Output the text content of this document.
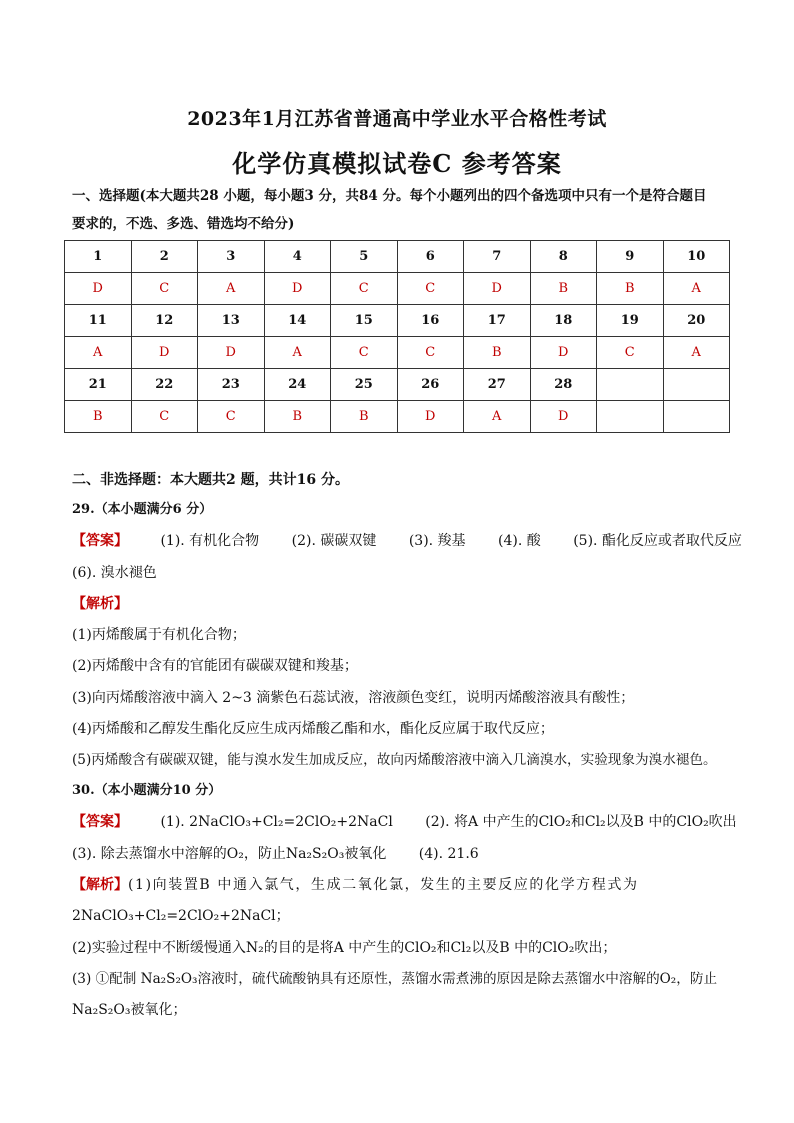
2023年1月江苏省普通高中学业水平合格性考试
化学仿真模拟试卷C 参考答案
一、选择题(本大题共28 小题，每小题3 分，共84 分。每个小题列出的四个备选项中只有一个是符合题目
要求的，不选、多选、错选均不给分)
1	2	3	4	5	6	7	8	9	10
D	C	A	D	C	C	D	B	B	A
11	12	13	14	15	16	17	18	19	20
A	D	D	A	C	C	B	D	C	A
21	22	23	24	25	26	27	28		
B	C	C	B	B	D	A	D		
二、非选择题：本大题共2 题，共计16 分。
29.（本小题满分6 分）
【答案】 (1). 有机化合物 (2). 碳碳双键 (3). 羧基 (4). 酸 (5). 酯化反应或者取代反应
(6). 溴水褪色
【解析】
(1)丙烯酸属于有机化合物；
(2)丙烯酸中含有的官能团有碳碳双键和羧基；
(3)向丙烯酸溶液中滴入 2~3 滴紫色石蕊试液，溶液颜色变红，说明丙烯酸溶液具有酸性；
(4)丙烯酸和乙醇发生酯化反应生成丙烯酸乙酯和水，酯化反应属于取代反应；
(5)丙烯酸含有碳碳双键，能与溴水发生加成反应，故向丙烯酸溶液中滴入几滴溴水，实验现象为溴水褪色。
30.（本小题满分10 分）
【答案】 (1). 2NaClO₃+Cl₂=2ClO₂+2NaCl (2). 将A 中产生的ClO₂和Cl₂以及B 中的ClO₂吹出
(3). 除去蒸馏水中溶解的O₂，防止Na₂S₂O₃被氧化 (4). 21.6
【解析】(1)向装置B 中通入氯气，生成二氧化氯，发生的主要反应的化学方程式为
2NaClO₃+Cl₂=2ClO₂+2NaCl；
(2)实验过程中不断缓慢通入N₂的目的是将A 中产生的ClO₂和Cl₂以及B 中的ClO₂吹出；
(3) ①配制 Na₂S₂O₃溶液时，硫代硫酸钠具有还原性，蒸馏水需煮沸的原因是除去蒸馏水中溶解的O₂，防止
Na₂S₂O₃被氧化；
